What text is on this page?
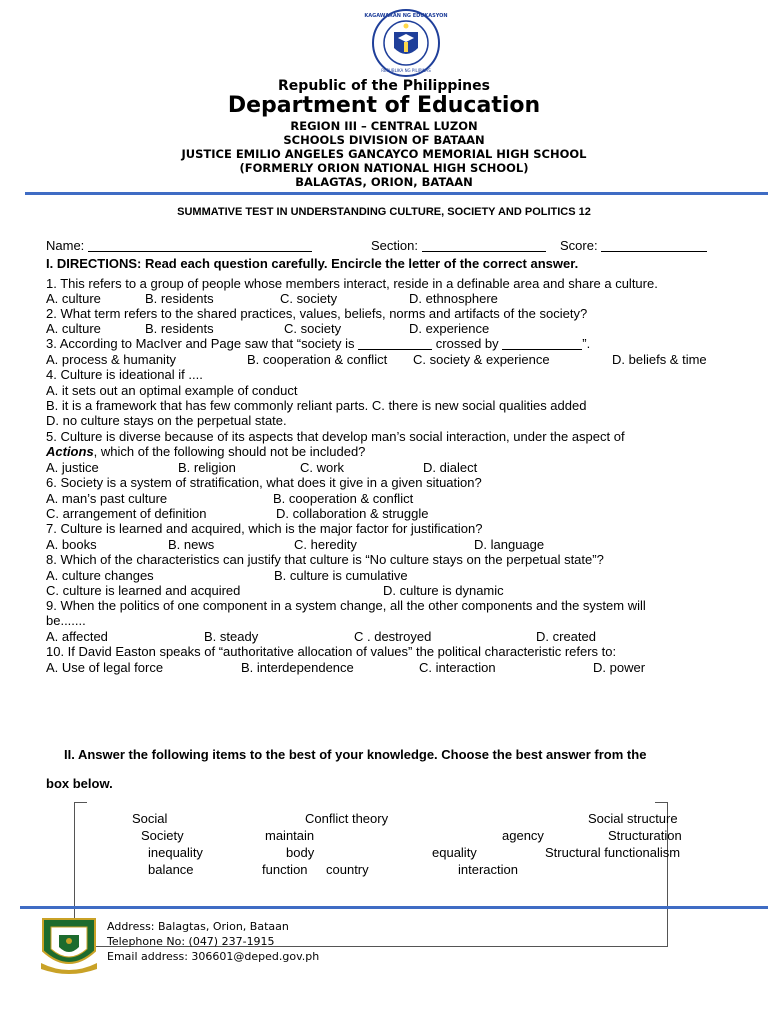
KAGAWARAN NG EDUKASYON
REPUBLIKA NG PILIPINAS
Republic of the Philippines
Department of Education
REGION III – CENTRAL LUZON
SCHOOLS DIVISION OF BATAAN
JUSTICE EMILIO ANGELES GANCAYCO MEMORIAL HIGH SCHOOL
(FORMERLY ORION NATIONAL HIGH SCHOOL)
BALAGTAS, ORION, BATAAN
SUMMATIVE TEST IN UNDERSTANDING CULTURE, SOCIETY AND POLITICS 12
Name:	Section:	Score:
I. DIRECTIONS: Read each question carefully. Encircle the letter of the correct answer.
1. This refers to a group of people whose members interact, reside in a definable area and share a culture.
A. culture	B. residents	C. society	D. ethnosphere
2. What term refers to the shared practices, values, beliefs, norms and artifacts of the society?
A. culture	B. residents	C. society	D. experience
3. According to MacIver and Page saw that “society is	crossed by	”.
A. process & humanity	B. cooperation & conflict C. society & experience	D. beliefs & time
4. Culture is ideational if ....
A. it sets out an optimal example of conduct
B. it is a framework that has few commonly reliant parts. C. there is new social qualities added
D. no culture stays on the perpetual state.
5. Culture is diverse because of its aspects that develop man’s social interaction, under the aspect of
Actions, which of the following should not be included?
A. justice	B. religion	C. work	D. dialect
6. Society is a system of stratification, what does it give in a given situation?
A. man’s past culture	B. cooperation & conflict
C. arrangement of definition	D. collaboration & struggle
7. Culture is learned and acquired, which is the major factor for justification?
A. books	B. news	C. heredity	D. language
8. Which of the characteristics can justify that culture is “No culture stays on the perpetual state”?
A. culture changes	B. culture is cumulative
C. culture is learned and acquired	D. culture is dynamic
9. When the politics of one component in a system change, all the other components and the system will
be.......
A. affected	B. steady	C . destroyed	D. created
10. If David Easton speaks of “authoritative allocation of values” the political characteristic refers to:
A. Use of legal force	B. interdependence	C. interaction	D. power
II. Answer the following items to the best of your knowledge. Choose the best answer from the
box below.
Social	Conflict theory	Social structure
Society	maintain	agency	Structuration
inequality	body	equality	Structural functionalism
balance	function country	interaction
Address: Balagtas, Orion, Bataan
Telephone No: (047) 237-1915
Email address: 306601@deped.gov.ph
